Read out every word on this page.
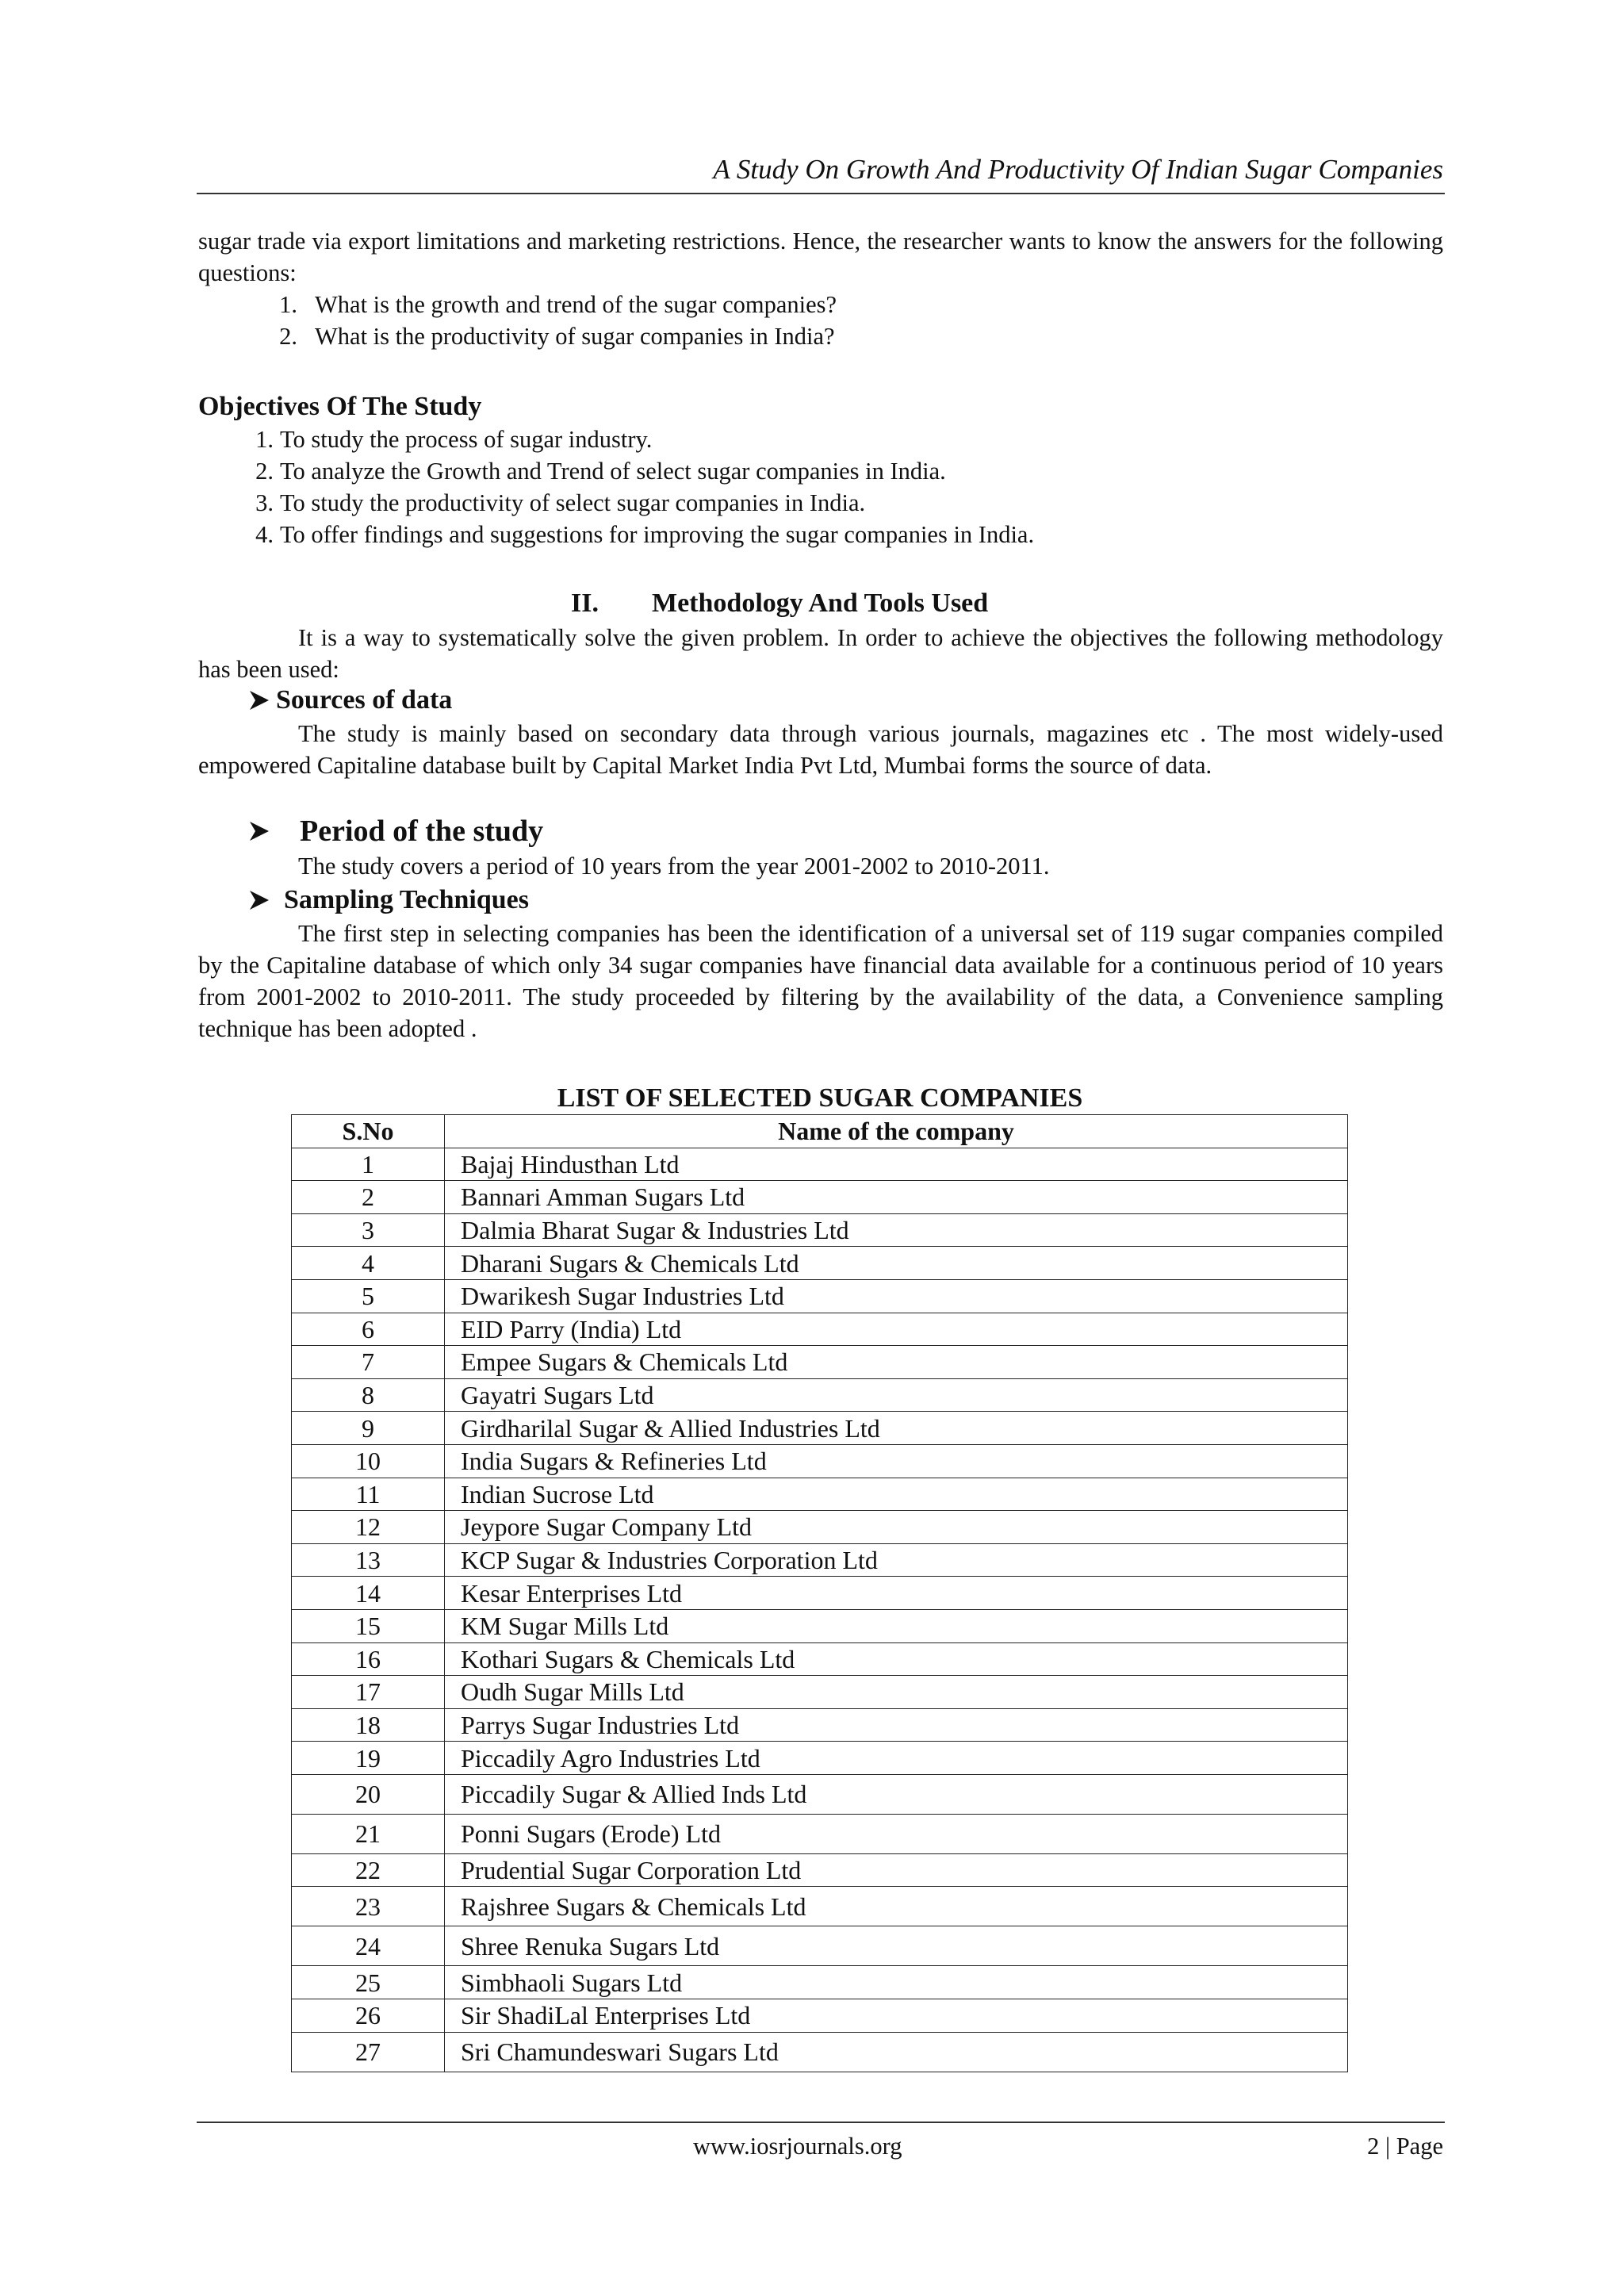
A Study On Growth And Productivity Of Indian Sugar Companies
sugar trade via export limitations and marketing restrictions. Hence, the researcher wants to know the answers for the following questions:
1. What is the growth and trend of the sugar companies?
2. What is the productivity of sugar companies in India?
Objectives Of The Study
1. To study the process of sugar industry.
2. To analyze the Growth and Trend of select sugar companies in India.
3. To study the productivity of select sugar companies in India.
4. To offer findings and suggestions for improving the sugar companies in India.
II. Methodology And Tools Used
It is a way to systematically solve the given problem. In order to achieve the objectives the following methodology has been used:
Sources of data
The study is mainly based on secondary data through various journals, magazines etc . The most widely-used empowered Capitaline database built by Capital Market India Pvt Ltd, Mumbai forms the source of data.
Period of the study
The study covers a period of 10 years from the year 2001-2002 to 2010-2011.
Sampling Techniques
The first step in selecting companies has been the identification of a universal set of 119 sugar companies compiled by the Capitaline database of which only 34 sugar companies have financial data available for a continuous period of 10 years from 2001-2002 to 2010-2011. The study proceeded by filtering by the availability of the data, a Convenience sampling technique has been adopted .
LIST OF SELECTED SUGAR COMPANIES
S.No	Name of the company
1	Bajaj Hindusthan Ltd
2	Bannari Amman Sugars Ltd
3	Dalmia Bharat Sugar & Industries Ltd
4	Dharani Sugars & Chemicals Ltd
5	Dwarikesh Sugar Industries Ltd
6	EID Parry (India) Ltd
7	Empee Sugars & Chemicals Ltd
8	Gayatri Sugars Ltd
9	Girdharilal Sugar & Allied Industries Ltd
10	India Sugars & Refineries Ltd
11	Indian Sucrose Ltd
12	Jeypore Sugar Company Ltd
13	KCP Sugar & Industries Corporation Ltd
14	Kesar Enterprises Ltd
15	KM Sugar Mills Ltd
16	Kothari Sugars & Chemicals Ltd
17	Oudh Sugar Mills Ltd
18	Parrys Sugar Industries Ltd
19	Piccadily Agro Industries Ltd
20	Piccadily Sugar & Allied Inds Ltd
21	Ponni Sugars (Erode) Ltd
22	Prudential Sugar Corporation Ltd
23	Rajshree Sugars & Chemicals Ltd
24	Shree Renuka Sugars Ltd
25	Simbhaoli Sugars Ltd
26	Sir ShadiLal Enterprises Ltd
27	Sri Chamundeswari Sugars Ltd
www.iosrjournals.org	2 | Page
